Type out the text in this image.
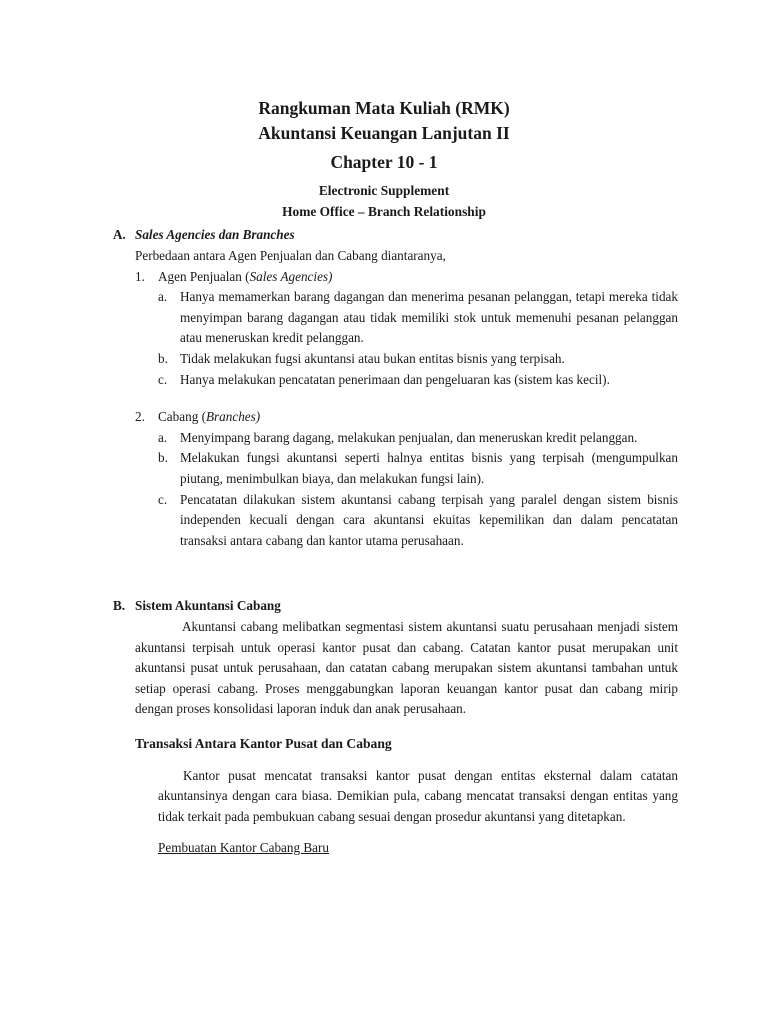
Rangkuman Mata Kuliah (RMK)
Akuntansi Keuangan Lanjutan II
Chapter 10 - 1
Electronic Supplement
Home Office – Branch Relationship
A. Sales Agencies dan Branches
Perbedaan antara Agen Penjualan dan Cabang diantaranya,
1. Agen Penjualan (Sales Agencies)
a. Hanya memamerkan barang dagangan dan menerima pesanan pelanggan, tetapi mereka tidak menyimpan barang dagangan atau tidak memiliki stok untuk memenuhi pesanan pelanggan atau meneruskan kredit pelanggan.
b. Tidak melakukan fugsi akuntansi atau bukan entitas bisnis yang terpisah.
c. Hanya melakukan pencatatan penerimaan dan pengeluaran kas (sistem kas kecil).
2. Cabang (Branches)
a. Menyimpang barang dagang, melakukan penjualan, dan meneruskan kredit pelanggan.
b. Melakukan fungsi akuntansi seperti halnya entitas bisnis yang terpisah (mengumpulkan piutang, menimbulkan biaya, dan melakukan fungsi lain).
c. Pencatatan dilakukan sistem akuntansi cabang terpisah yang paralel dengan sistem bisnis independen kecuali dengan cara akuntansi ekuitas kepemilikan dan dalam pencatatan transaksi antara cabang dan kantor utama perusahaan.
B. Sistem Akuntansi Cabang
Akuntansi cabang melibatkan segmentasi sistem akuntansi suatu perusahaan menjadi sistem akuntansi terpisah untuk operasi kantor pusat dan cabang. Catatan kantor pusat merupakan unit akuntansi pusat untuk perusahaan, dan catatan cabang merupakan sistem akuntansi tambahan untuk setiap operasi cabang. Proses menggabungkan laporan keuangan kantor pusat dan cabang mirip dengan proses konsolidasi laporan induk dan anak perusahaan.
Transaksi Antara Kantor Pusat dan Cabang
Kantor pusat mencatat transaksi kantor pusat dengan entitas eksternal dalam catatan akuntansinya dengan cara biasa. Demikian pula, cabang mencatat transaksi dengan entitas yang tidak terkait pada pembukuan cabang sesuai dengan prosedur akuntansi yang ditetapkan.
Pembuatan Kantor Cabang Baru
